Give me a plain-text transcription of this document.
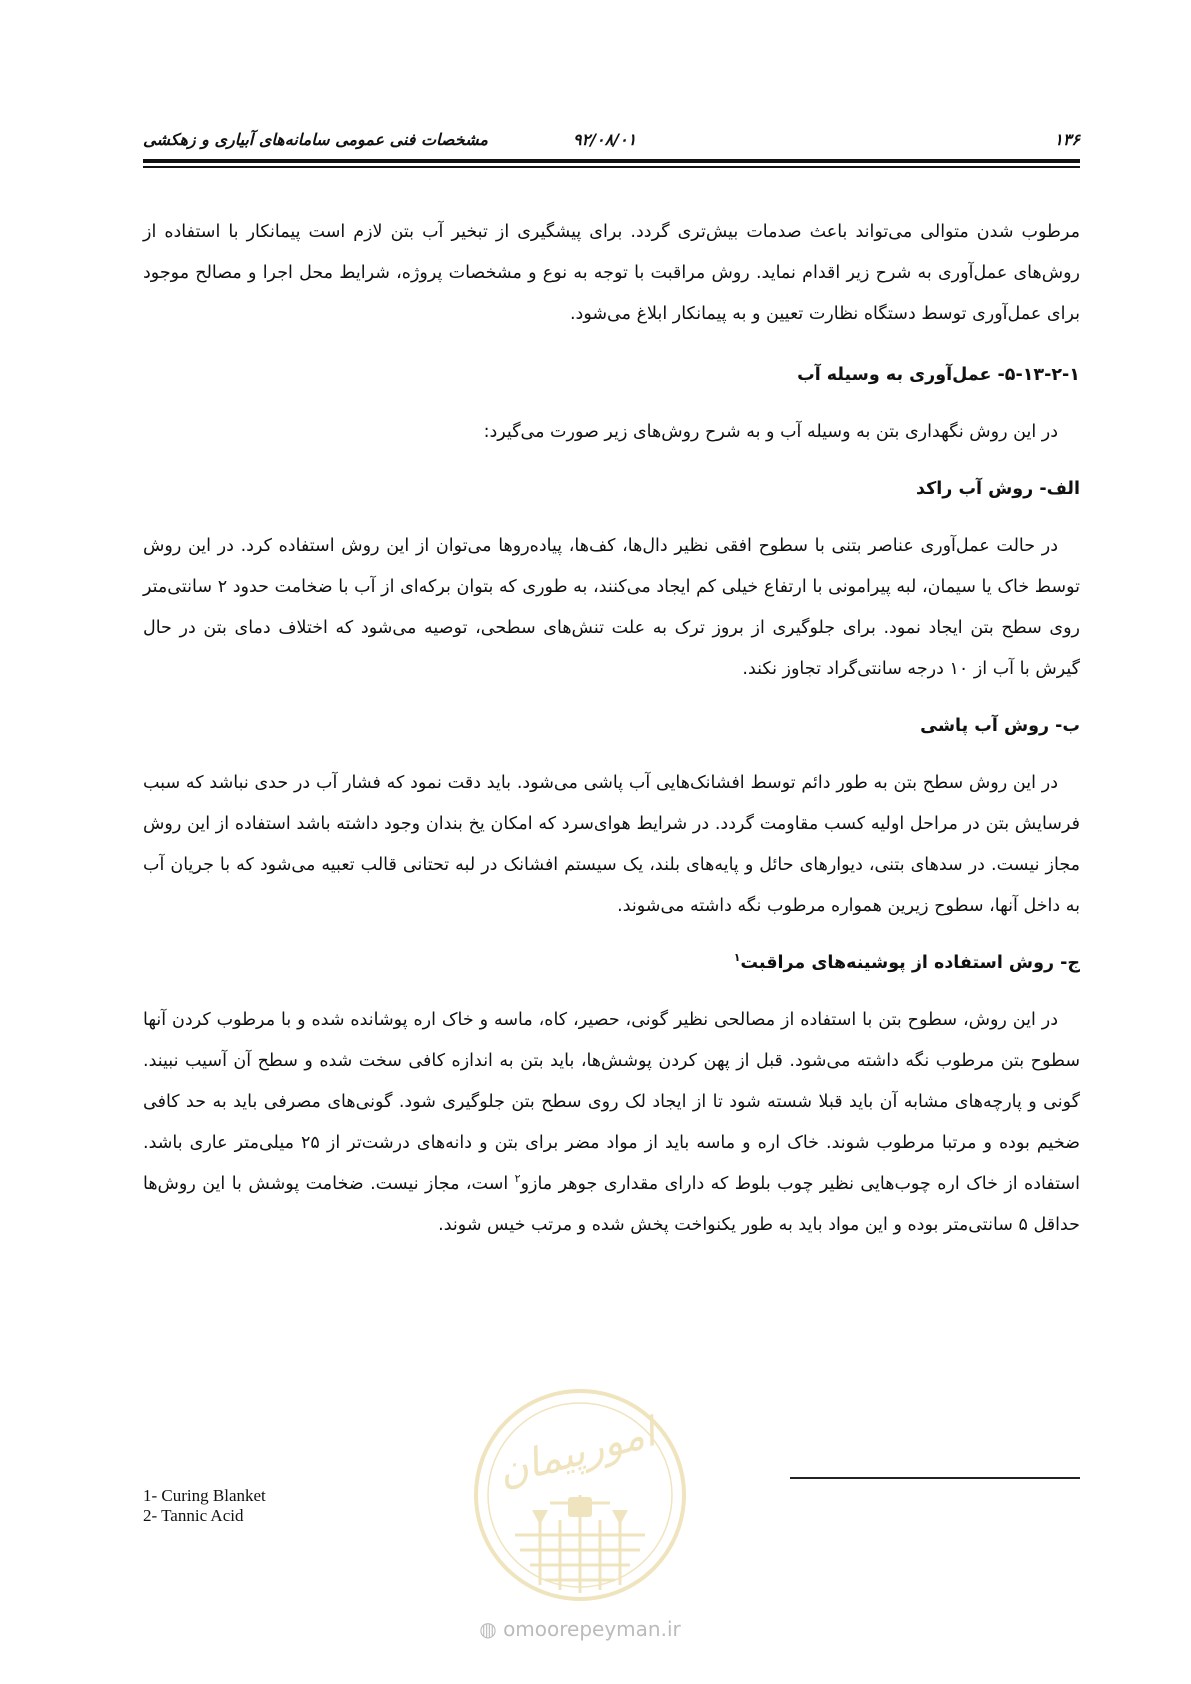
۱۳۶
۹۲/۰۸/۰۱
مشخصات فنی عمومی سامانه‌های آبیاری و زهکشی

مرطوب شدن متوالی می‌تواند باعث صدمات بیش‌تری گردد. برای پیشگیری از تبخیر آب بتن لازم است پیمانکار با استفاده از روش‌های عمل‌آوری به شرح زیر اقدام نماید. روش مراقبت با توجه به نوع و مشخصات پروژه، شرایط محل اجرا و مصالح موجود برای عمل‌آوری توسط دستگاه نظارت تعیین و به پیمانکار ابلاغ می‌شود.

۵-۱۳-۲-۱- عمل‌آوری به وسیله آب

در این روش نگهداری بتن به وسیله آب و به شرح روش‌های زیر صورت می‌گیرد:

الف- روش آب راکد

در حالت عمل‌آوری عناصر بتنی با سطوح افقی نظیر دال‌ها، کف‌ها، پیاده‌روها می‌توان از این روش استفاده کرد. در این روش توسط خاک یا سیمان، لبه پیرامونی با ارتفاع خیلی کم ایجاد می‌کنند، به طوری که بتوان برکه‌ای از آب با ضخامت حدود ۲ سانتی‌متر روی سطح بتن ایجاد نمود. برای جلوگیری از بروز ترک به علت تنش‌های سطحی، توصیه می‌شود که اختلاف دمای بتن در حال گیرش با آب از ۱۰ درجه سانتی‌گراد تجاوز نکند.

ب- روش آب پاشی

در این روش سطح بتن به طور دائم توسط افشانک‌هایی آب پاشی می‌شود. باید دقت نمود که فشار آب در حدی نباشد که سبب فرسایش بتن در مراحل اولیه کسب مقاومت گردد. در شرایط هوای‌سرد که امکان یخ بندان وجود داشته باشد استفاده از این روش مجاز نیست. در سدهای بتنی، دیوارهای حائل و پایه‌های بلند، یک سیستم افشانک در لبه تحتانی قالب تعبیه می‌شود که با جریان آب به داخل آنها، سطوح زیرین همواره مرطوب نگه داشته می‌شوند.

ج- روش استفاده از پوشینه‌های مراقبت$^۱$

در این روش، سطوح بتن با استفاده از مصالحی نظیر گونی، حصیر، کاه، ماسه و خاک اره پوشانده شده و با مرطوب کردن آنها سطوح بتن مرطوب نگه داشته می‌شود. قبل از پهن کردن پوشش‌ها، باید بتن به اندازه کافی سخت شده و سطح آن آسیب نبیند. گونی و پارچه‌های مشابه آن باید قبلا شسته شود تا از ایجاد لک روی سطح بتن جلوگیری شود. گونی‌های مصرفی باید به حد کافی ضخیم بوده و مرتبا مرطوب شوند. خاک اره و ماسه باید از مواد مضر برای بتن و دانه‌های درشت‌تر از ۲۵ میلی‌متر عاری باشد. استفاده از خاک اره چوب‌هایی نظیر چوب بلوط که دارای مقداری جوهر مازو$^۲$ است، مجاز نیست. ضخامت پوشش با این روش‌ها حداقل ۵ سانتی‌متر بوده و این مواد باید به طور یکنواخت پخش شده و مرتب خیس شوند.

1- Curing Blanket
2- Tannic Acid
امورپیمان
◍ omoorepeyman.ir
